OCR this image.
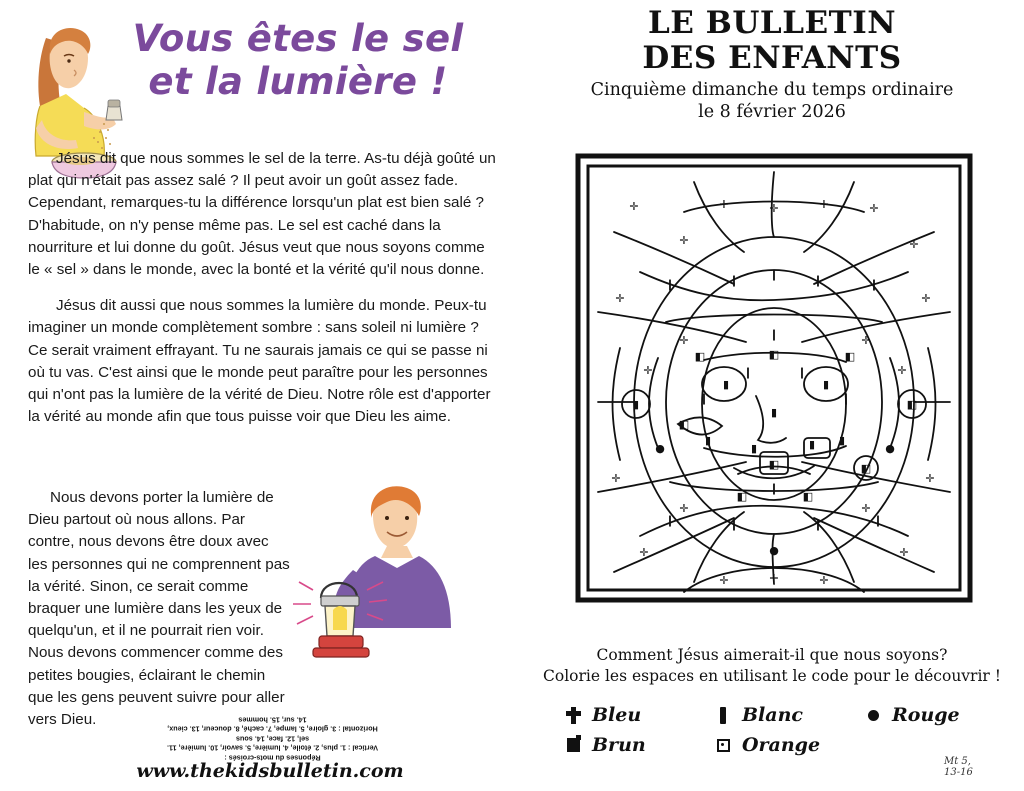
Vous êtes le sel
et la lumière !

Jésus dit que nous sommes le sel de la terre. As-tu déjà goûté un plat qui n'était pas assez salé ? Il peut avoir un goût assez fade. Cependant, remarques-tu la différence lorsqu'un plat est bien salé ? D'habitude, on n'y pense même pas. Le sel est caché dans la nourriture et lui donne du goût. Jésus veut que nous soyons comme le « sel » dans le monde, avec la bonté et la vérité qu'il nous donne.

Jésus dit aussi que nous sommes la lumière du monde. Peux-tu imaginer un monde complètement sombre : sans soleil ni lumière ? Ce serait vraiment effrayant. Tu ne saurais jamais ce qui se passe ni où tu vas. C'est ainsi que le monde peut paraître pour les personnes qui n'ont pas la lumière de la vérité de Dieu. Notre rôle est d'apporter la vérité au monde afin que tous puisse voir que Dieu les aime.

Nous devons porter la lumière de Dieu partout où nous allons. Par contre, nous devons être doux avec les personnes qui ne comprennent pas la vérité. Sinon, ce serait comme braquer une lumière dans les yeux de quelqu'un, et il ne pourrait rien voir. Nous devons commencer comme des petites bougies, éclairant le chemin que les gens peuvent suivre pour aller vers Dieu.

Réponses du mots-croisés :
Vertical : 1. plus, 2. étoile, 4. lumière, 5. savoir, 10. lumière, 11. sel, 12. face, 14. sous
Horizontal : 3. gloire, 5. lampe, 7. caché, 8. douceur, 13. cieux, 14. sur, 15. hommes
www.thekidsbulletin.com
LE BULLETIN
DES ENFANTS
Cinquième dimanche du temps ordinaire
le 8 février 2026
✛
✛
✛
✛
✛	✛
✛	✛
✛	✛
✛	✛
✛	✛
✛	✛
✛	✛
✛
✛
✛	✛
❙	❙
❙
❙	❙
❙	❙
❙
❙
❙	❙
❙	❙
❙	❙
▮	▮
▮
▮	▮
▮	▮
▮	◧
◧
◧
◧
◧	◧
◧
◧	◧
●	●
●
Mt 5, 13-16
Comment Jésus aimerait-il que nous soyons?
Colorie les espaces en utilisant le code pour le découvrir !
Bleu	Blanc	Rouge
Brun	Orange
